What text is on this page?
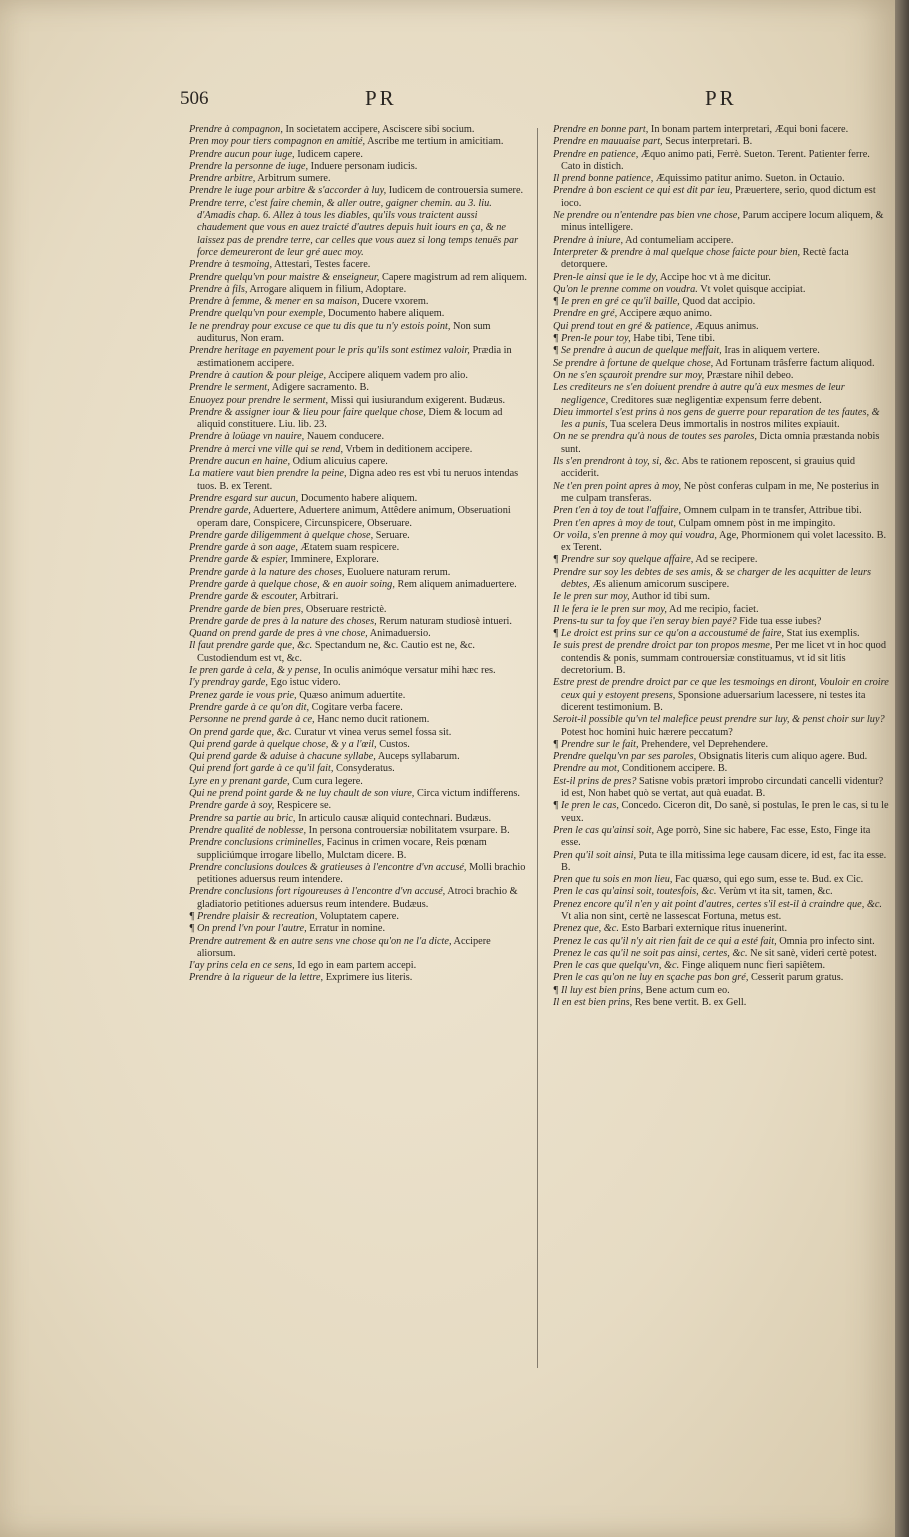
506	PR	PR

Prendre à compagnon, In societatem accipere, Asciscere sibi socium.

Pren moy pour tiers compagnon en amitié, Ascribe me tertium in amicitiam.

Prendre aucun pour iuge, Iudicem capere.

Prendre la personne de iuge, Induere personam iudicis.

Prendre arbitre, Arbitrum sumere.

Prendre le iuge pour arbitre & s'accorder à luy, Iudicem de controuersia sumere.

Prendre terre, c'est faire chemin, & aller outre, gaigner chemin. au 3. liu. d'Amadis chap. 6. Allez à tous les diables, qu'ils vous traictent aussi chaudement que vous en auez traicté d'autres depuis huit iours en ça, & ne laissez pas de prendre terre, car celles que vous auez si long temps tenuës par force demeureront de leur gré auec moy.

Prendre à tesmoing, Attestari, Testes facere.

Prendre quelqu'vn pour maistre & enseigneur, Capere magistrum ad rem aliquem.

Prendre à fils, Arrogare aliquem in filium, Adoptare.

Prendre à femme, & mener en sa maison, Ducere vxorem.

Prendre quelqu'vn pour exemple, Documento habere aliquem.

Ie ne prendray pour excuse ce que tu dis que tu n'y estois point, Non sum auditurus, Non eram.

Prendre heritage en payement pour le pris qu'ils sont estimez valoir, Prædia in æstimationem accipere.

Prendre à caution & pour pleige, Accipere aliquem vadem pro alio.

Prendre le serment, Adigere sacramento. B.

Enuoyez pour prendre le serment, Missi qui iusiurandum exigerent. Budæus.

Prendre & assigner iour & lieu pour faire quelque chose, Diem & locum ad aliquid constituere. Liu. lib. 23.

Prendre à loüage vn nauire, Nauem conducere.

Prendre à merci vne ville qui se rend, Vrbem in deditionem accipere.

Prendre aucun en haine, Odium alicuius capere.

La matiere vaut bien prendre la peine, Digna adeo res est vbi tu neruos intendas tuos. B. ex Terent.

Prendre esgard sur aucun, Documento habere aliquem.

Prendre garde, Aduertere, Aduertere animum, Attêdere animum, Obseruationi operam dare, Conspicere, Circunspicere, Obseruare.

Prendre garde diligemment à quelque chose, Seruare.

Prendre garde à son aage, Ætatem suam respicere.

Prendre garde & espier, Imminere, Explorare.

Prendre garde à la nature des choses, Euoluere naturam rerum.

Prendre garde à quelque chose, & en auoir soing, Rem aliquem animaduertere.

Prendre garde & escouter, Arbitrari.

Prendre garde de bien pres, Obseruare restrictè.

Prendre garde de pres à la nature des choses, Rerum naturam studiosè intueri.

Quand on prend garde de pres à vne chose, Animaduersio.

Il faut prendre garde que, &c. Spectandum ne, &c. Cautio est ne, &c. Custodiendum est vt, &c.

Ie pren garde à cela, & y pense, In oculis animóque versatur mihi hæc res.

I'y prendray garde, Ego istuc videro.

Prenez garde ie vous prie, Quæso animum aduertite.

Prendre garde à ce qu'on dit, Cogitare verba facere.

Personne ne prend garde à ce, Hanc nemo ducit rationem.

On prend garde que, &c. Curatur vt vinea verus semel fossa sit.

Qui prend garde à quelque chose, & y a l'œil, Custos.

Qui prend garde & aduise à chacune syllabe, Auceps syllabarum.

Qui prend fort garde à ce qu'il fait, Consyderatus.

Lyre en y prenant garde, Cum cura legere.

Qui ne prend point garde & ne luy chault de son viure, Circa victum indifferens.

Prendre garde à soy, Respicere se.

Prendre sa partie au bric, In articulo causæ aliquid contechnari. Budæus.

Prendre qualité de noblesse, In persona controuersiæ nobilitatem vsurpare. B.

Prendre conclusions criminelles, Facinus in crimen vocare, Reis pœnam suppliciúmque irrogare libello, Mulctam dicere. B.

Prendre conclusions doulces & gratieuses à l'encontre d'vn accusé, Molli brachio petitiones aduersus reum intendere.

Prendre conclusions fort rigoureuses à l'encontre d'vn accusé, Atroci brachio & gladiatorio petitiones aduersus reum intendere. Budæus.

¶ Prendre plaisir & recreation, Voluptatem capere.

¶ On prend l'vn pour l'autre, Erratur in nomine.

Prendre autrement & en autre sens vne chose qu'on ne l'a dicte, Accipere aliorsum.

I'ay prins cela en ce sens, Id ego in eam partem accepi.

Prendre à la rigueur de la lettre, Exprimere ius literis.

Prendre en bonne part, In bonam partem interpretari, Æqui boni facere.

Prendre en mauuaise part, Secus interpretari. B.

Prendre en patience, Æquo animo pati, Ferrè. Sueton. Terent. Patienter ferre. Cato in distich.

Il prend bonne patience, Æquissimo patitur animo. Sueton. in Octauio.

Prendre à bon escient ce qui est dit par ieu, Præuertere, serio, quod dictum est ioco.

Ne prendre ou n'entendre pas bien vne chose, Parum accipere locum aliquem, & minus intelligere.

Prendre à iniure, Ad contumeliam accipere.

Interpreter & prendre à mal quelque chose faicte pour bien, Rectè facta detorquere.

Pren-le ainsi que ie le dy, Accipe hoc vt à me dicitur.

Qu'on le prenne comme on voudra. Vt volet quisque accipiat.

¶ Ie pren en gré ce qu'il baille, Quod dat accipio.

Prendre en gré, Accipere æquo animo.

Qui prend tout en gré & patience, Æquus animus.

¶ Pren-le pour toy, Habe tibi, Tene tibi.

¶ Se prendre à aucun de quelque meffait, Iras in aliquem vertere.

Se prendre à fortune de quelque chose, Ad Fortunam trâsferre factum aliquod.

On ne s'en sçauroit prendre sur moy, Præstare nihil debeo.

Les crediteurs ne s'en doiuent prendre à autre qu'à eux mesmes de leur negligence, Creditores suæ negligentiæ expensum ferre debent.

Dieu immortel s'est prins à nos gens de guerre pour reparation de tes fautes, & les a punis, Tua scelera Deus immortalis in nostros milites expiauit.

On ne se prendra qu'à nous de toutes ses paroles, Dicta omnia præstanda nobis sunt.

Ils s'en prendront à toy, si, &c. Abs te rationem reposcent, si grauius quid acciderit.

Ne t'en pren point apres à moy, Ne pòst conferas culpam in me, Ne posterius in me culpam transferas.

Pren t'en à toy de tout l'affaire, Omnem culpam in te transfer, Attribue tibi.

Pren t'en apres à moy de tout, Culpam omnem pòst in me impingito.

Or voila, s'en prenne à moy qui voudra, Age, Phormionem qui volet lacessito. B. ex Terent.

¶ Prendre sur soy quelque affaire, Ad se recipere.

Prendre sur soy les debtes de ses amis, & se charger de les acquitter de leurs debtes, Æs alienum amicorum suscipere.

Ie le pren sur moy, Author id tibi sum.

Il le fera ie le pren sur moy, Ad me recipio, faciet.

Prens-tu sur ta foy que i'en seray bien payé? Fide tua esse iubes?

¶ Le droict est prins sur ce qu'on a accoustumé de faire, Stat ius exemplis.

Ie suis prest de prendre droict par ton propos mesme, Per me licet vt in hoc quod contendis & ponis, summam controuersiæ constituamus, vt id sit litis decretorium. B.

Estre prest de prendre droict par ce que les tesmoings en diront, Vouloir en croire ceux qui y estoyent presens, Sponsione aduersarium lacessere, ni testes ita dicerent testimonium. B.

Seroit-il possible qu'vn tel malefice peust prendre sur luy, & penst choir sur luy? Potest hoc homini huic hærere peccatum?

¶ Prendre sur le fait, Prehendere, vel Deprehendere.

Prendre quelqu'vn par ses paroles, Obsignatis literis cum aliquo agere. Bud.

Prendre au mot, Conditionem accipere. B.

Est-il prins de pres? Satisne vobis prætori improbo circundati cancelli videntur? id est, Non habet quò se vertat, aut quà euadat. B.

¶ Ie pren le cas, Concedo. Ciceron dit, Do sanè, si postulas, Ie pren le cas, si tu le veux.

Pren le cas qu'ainsi soit, Age porrò, Sine sic habere, Fac esse, Esto, Finge ita esse.

Pren qu'il soit ainsi, Puta te illa mitissima lege causam dicere, id est, fac ita esse. B.

Pren que tu sois en mon lieu, Fac quæso, qui ego sum, esse te. Bud. ex Cic.

Pren le cas qu'ainsi soit, toutesfois, &c. Verùm vt ita sit, tamen, &c.

Prenez encore qu'il n'en y ait point d'autres, certes s'il est-il à craindre que, &c. Vt alia non sint, certè ne lassescat Fortuna, metus est.

Prenez que, &c. Esto Barbari externique ritus inuenerint.

Prenez le cas qu'il n'y ait rien fait de ce qui a esté fait, Omnia pro infecto sint.

Prenez le cas qu'il ne soit pas ainsi, certes, &c. Ne sit sanè, videri certè potest.

Pren le cas que quelqu'vn, &c. Finge aliquem nunc fieri sapiêtem.

Pren le cas qu'on ne luy en sçache pas bon gré, Cesserit parum gratus.

¶ Il luy est bien prins, Bene actum cum eo.

Il en est bien prins, Res bene vertit. B. ex Gell.
